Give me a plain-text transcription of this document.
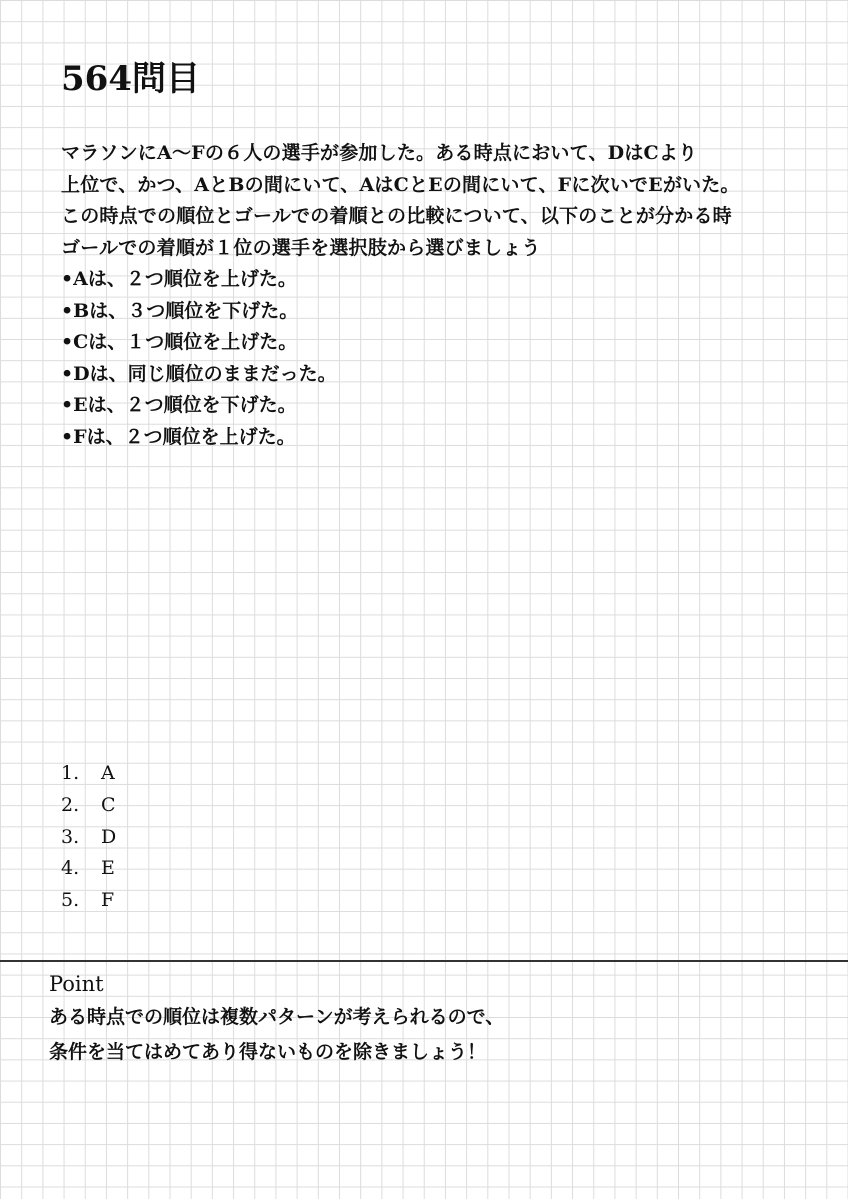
564問目
マラソンにA〜Fの６人の選手が参加した。ある時点において、DはCより
上位で、かつ、AとBの間にいて、AはCとEの間にいて、Fに次いでEがいた。
この時点での順位とゴールでの着順との比較について、以下のことが分かる時
ゴールでの着順が１位の選手を選択肢から選びましょう
•Aは、２つ順位を上げた。
•Bは、３つ順位を下げた。
•Cは、１つ順位を上げた。
•Dは、同じ順位のままだった。
•Eは、２つ順位を下げた。
•Fは、２つ順位を上げた。
1. A
2. C
3. D
4. E
5. F
Point
ある時点での順位は複数パターンが考えられるので、
条件を当てはめてあり得ないものを除きましょう！
